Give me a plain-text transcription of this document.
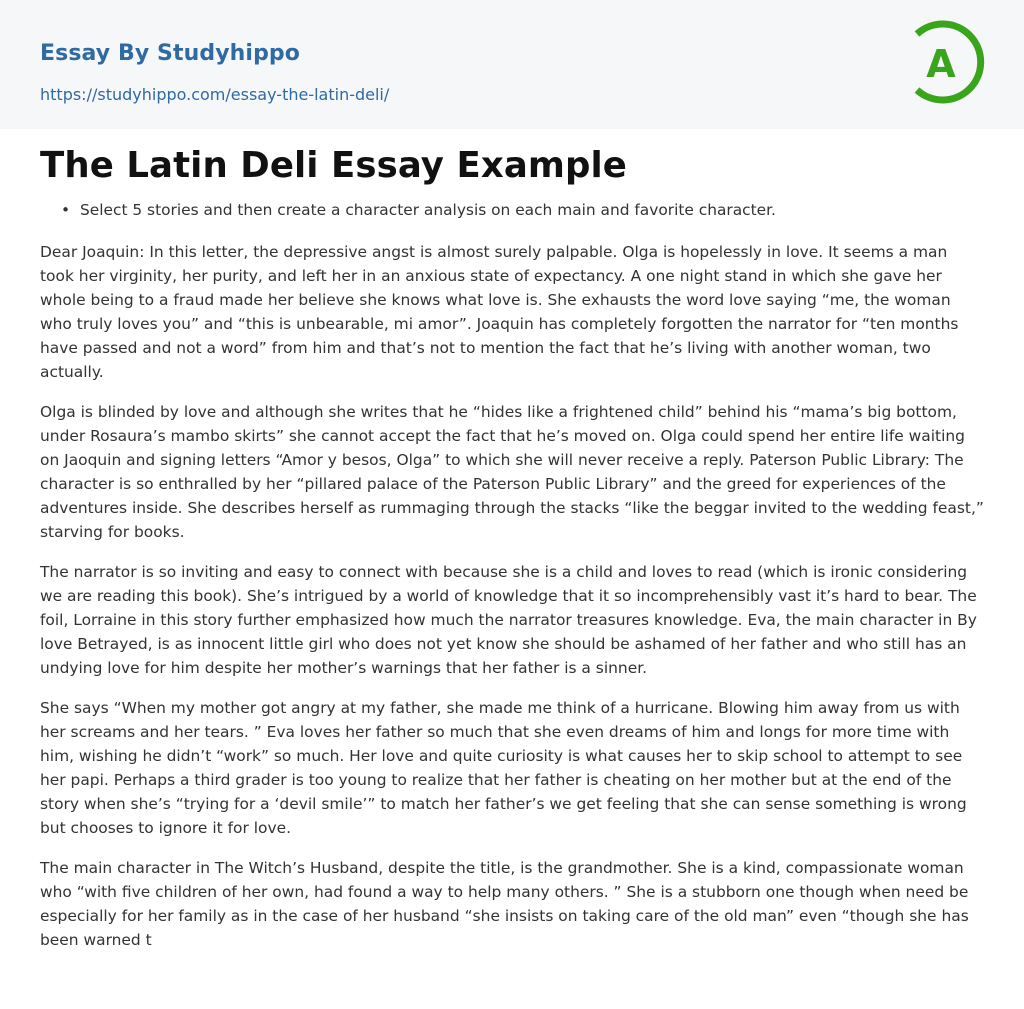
Essay By Studyhippo
https://studyhippo.com/essay-the-latin-deli/
A
The Latin Deli Essay Example
• Select 5 stories and then create a character analysis on each main and favorite character.

Dear Joaquin: In this letter, the depressive angst is almost surely palpable. Olga is hopelessly in love. It seems a man took her virginity, her purity, and left her in an anxious state of expectancy. A one night stand in which she gave her whole being to a fraud made her believe she knows what love is. She exhausts the word love saying “me, the woman who truly loves you” and “this is unbearable, mi amor”. Joaquin has completely forgotten the narrator for “ten months have passed and not a word” from him and that’s not to mention the fact that he’s living with another woman, two actually.

Olga is blinded by love and although she writes that he “hides like a frightened child” behind his “mama’s big bottom, under Rosaura’s mambo skirts” she cannot accept the fact that he’s moved on. Olga could spend her entire life waiting on Jaoquin and signing letters “Amor y besos, Olga” to which she will never receive a reply. Paterson Public Library: The character is so enthralled by her “pillared palace of the Paterson Public Library” and the greed for experiences of the adventures inside. She describes herself as rummaging through the stacks “like the beggar invited to the wedding feast,” starving for books.

The narrator is so inviting and easy to connect with because she is a child and loves to read (which is ironic considering we are reading this book). She’s intrigued by a world of knowledge that it so incomprehensibly vast it’s hard to bear. The foil, Lorraine in this story further emphasized how much the narrator treasures knowledge. Eva, the main character in By love Betrayed, is as innocent little girl who does not yet know she should be ashamed of her father and who still has an undying love for him despite her mother’s warnings that her father is a sinner.

She says “When my mother got angry at my father, she made me think of a hurricane. Blowing him away from us with her screams and her tears. ” Eva loves her father so much that she even dreams of him and longs for more time with him, wishing he didn’t “work” so much. Her love and quite curiosity is what causes her to skip school to attempt to see her papi. Perhaps a third grader is too young to realize that her father is cheating on her mother but at the end of the story when she’s “trying for a ‘devil smile’” to match her father’s we get feeling that she can sense something is wrong but chooses to ignore it for love.

The main character in The Witch’s Husband, despite the title, is the grandmother. She is a kind, compassionate woman who “with five children of her own, had found a way to help many others. ” She is a stubborn one though when need be especially for her family as in the case of her husband “she insists on taking care of the old man” even “though she has been warned t
